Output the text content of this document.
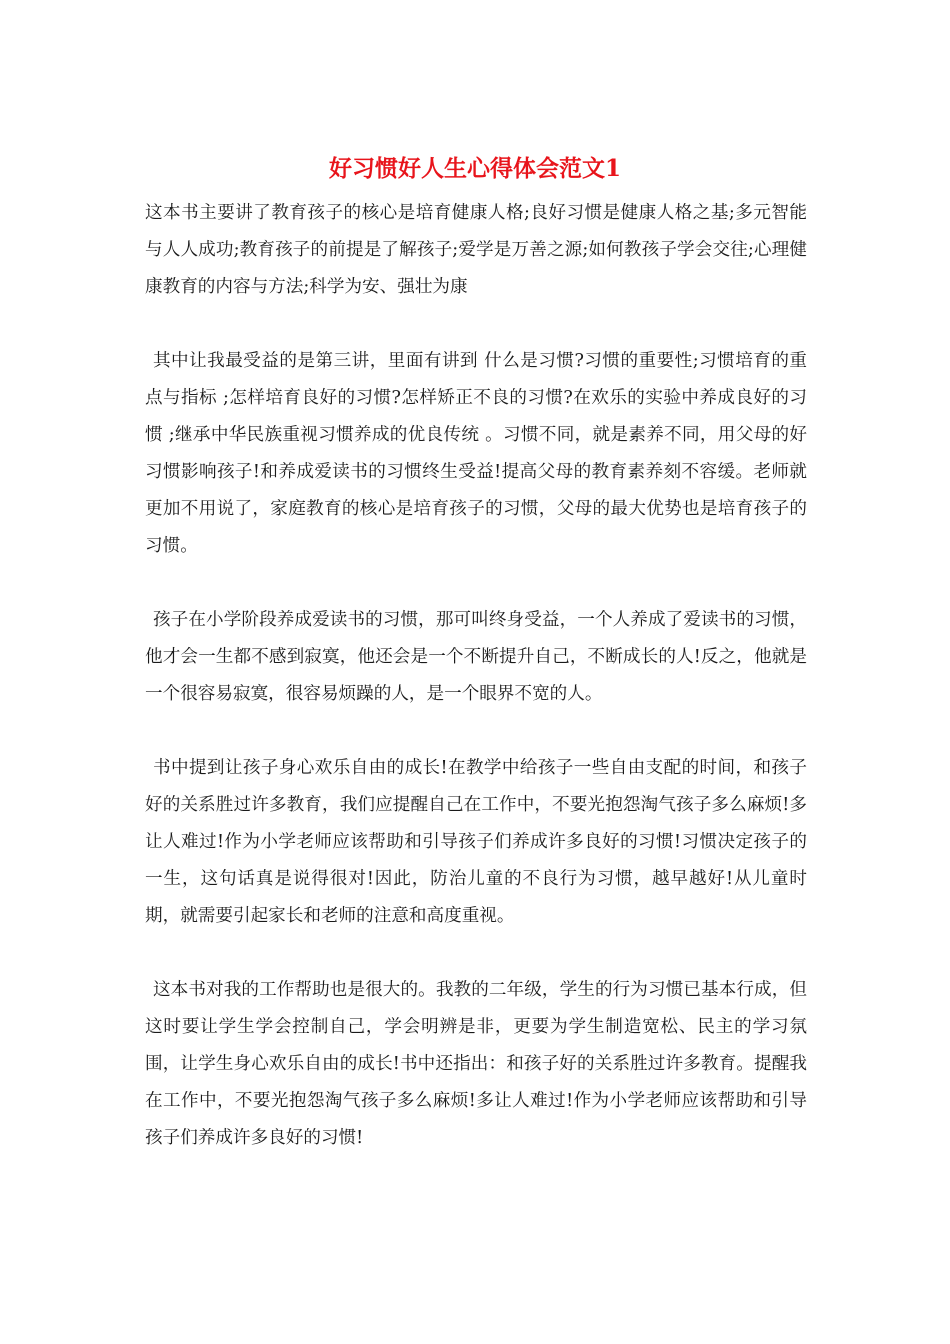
好习惯好人生心得体会范文1

这本书主要讲了教育孩子的核心是培育健康人格;良好习惯是健康人格之基;多元智能与人人成功;教育孩子的前提是了解孩子;爱学是万善之源;如何教孩子学会交往;心理健康教育的内容与方法;科学为安、强壮为康

其中让我最受益的是第三讲，里面有讲到 什么是习惯?习惯的重要性;习惯培育的重点与指标 ;怎样培育良好的习惯?怎样矫正不良的习惯?在欢乐的实验中养成良好的习惯 ;继承中华民族重视习惯养成的优良传统 。习惯不同，就是素养不同，用父母的好习惯影响孩子!和养成爱读书的习惯终生受益!提高父母的教育素养刻不容缓。老师就更加不用说了，家庭教育的核心是培育孩子的习惯，父母的最大优势也是培育孩子的习惯。

孩子在小学阶段养成爱读书的习惯，那可叫终身受益，一个人养成了爱读书的习惯，他才会一生都不感到寂寞，他还会是一个不断提升自己，不断成长的人!反之，他就是一个很容易寂寞，很容易烦躁的人，是一个眼界不宽的人。

书中提到让孩子身心欢乐自由的成长!在教学中给孩子一些自由支配的时间，和孩子好的关系胜过许多教育，我们应提醒自己在工作中，不要光抱怨淘气孩子多么麻烦!多让人难过!作为小学老师应该帮助和引导孩子们养成许多良好的习惯!习惯决定孩子的一生，这句话真是说得很对!因此，防治儿童的不良行为习惯，越早越好!从儿童时期，就需要引起家长和老师的注意和高度重视。

这本书对我的工作帮助也是很大的。我教的二年级，学生的行为习惯已基本行成，但这时要让学生学会控制自己，学会明辨是非，更要为学生制造宽松、民主的学习氛围，让学生身心欢乐自由的成长!书中还指出：和孩子好的关系胜过许多教育。提醒我在工作中，不要光抱怨淘气孩子多么麻烦!多让人难过!作为小学老师应该帮助和引导孩子们养成许多良好的习惯!
